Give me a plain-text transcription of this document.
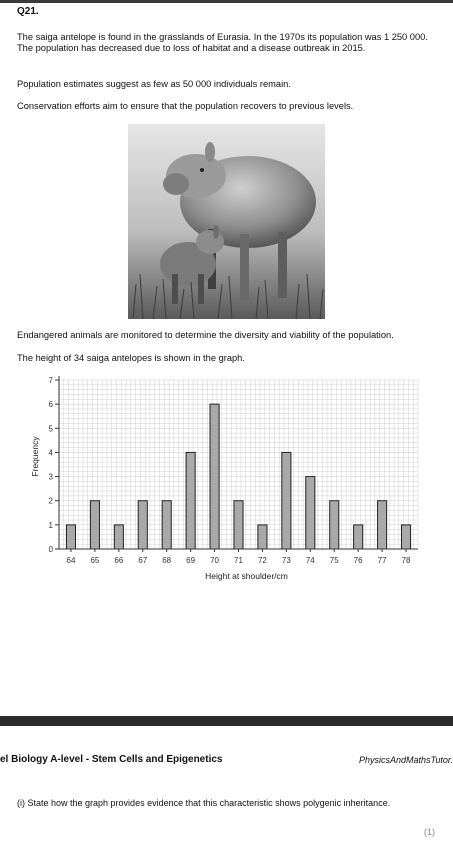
Q21.
The saiga antelope is found in the grasslands of Eurasia. In the 1970s its population was 1 250 000. The population has decreased due to loss of habitat and a disease outbreak in 2015.
Population estimates suggest as few as 50 000 individuals remain.
Conservation efforts aim to ensure that the population recovers to previous levels.
Endangered animals are monitored to determine the diversity and viability of the population.
The height of 34 saiga antelopes is shown in the graph.
0
1
2
3
4
5
6
7
64 65 66 67 68 69 70 71 72 73 74 75 76 77 78
Height at shoulder/cm
Frequency
el Biology A-level - Stem Cells and Epigenetics	PhysicsAndMathsTutor.
(i) State how the graph provides evidence that this characteristic shows polygenic inheritance.
(1)
